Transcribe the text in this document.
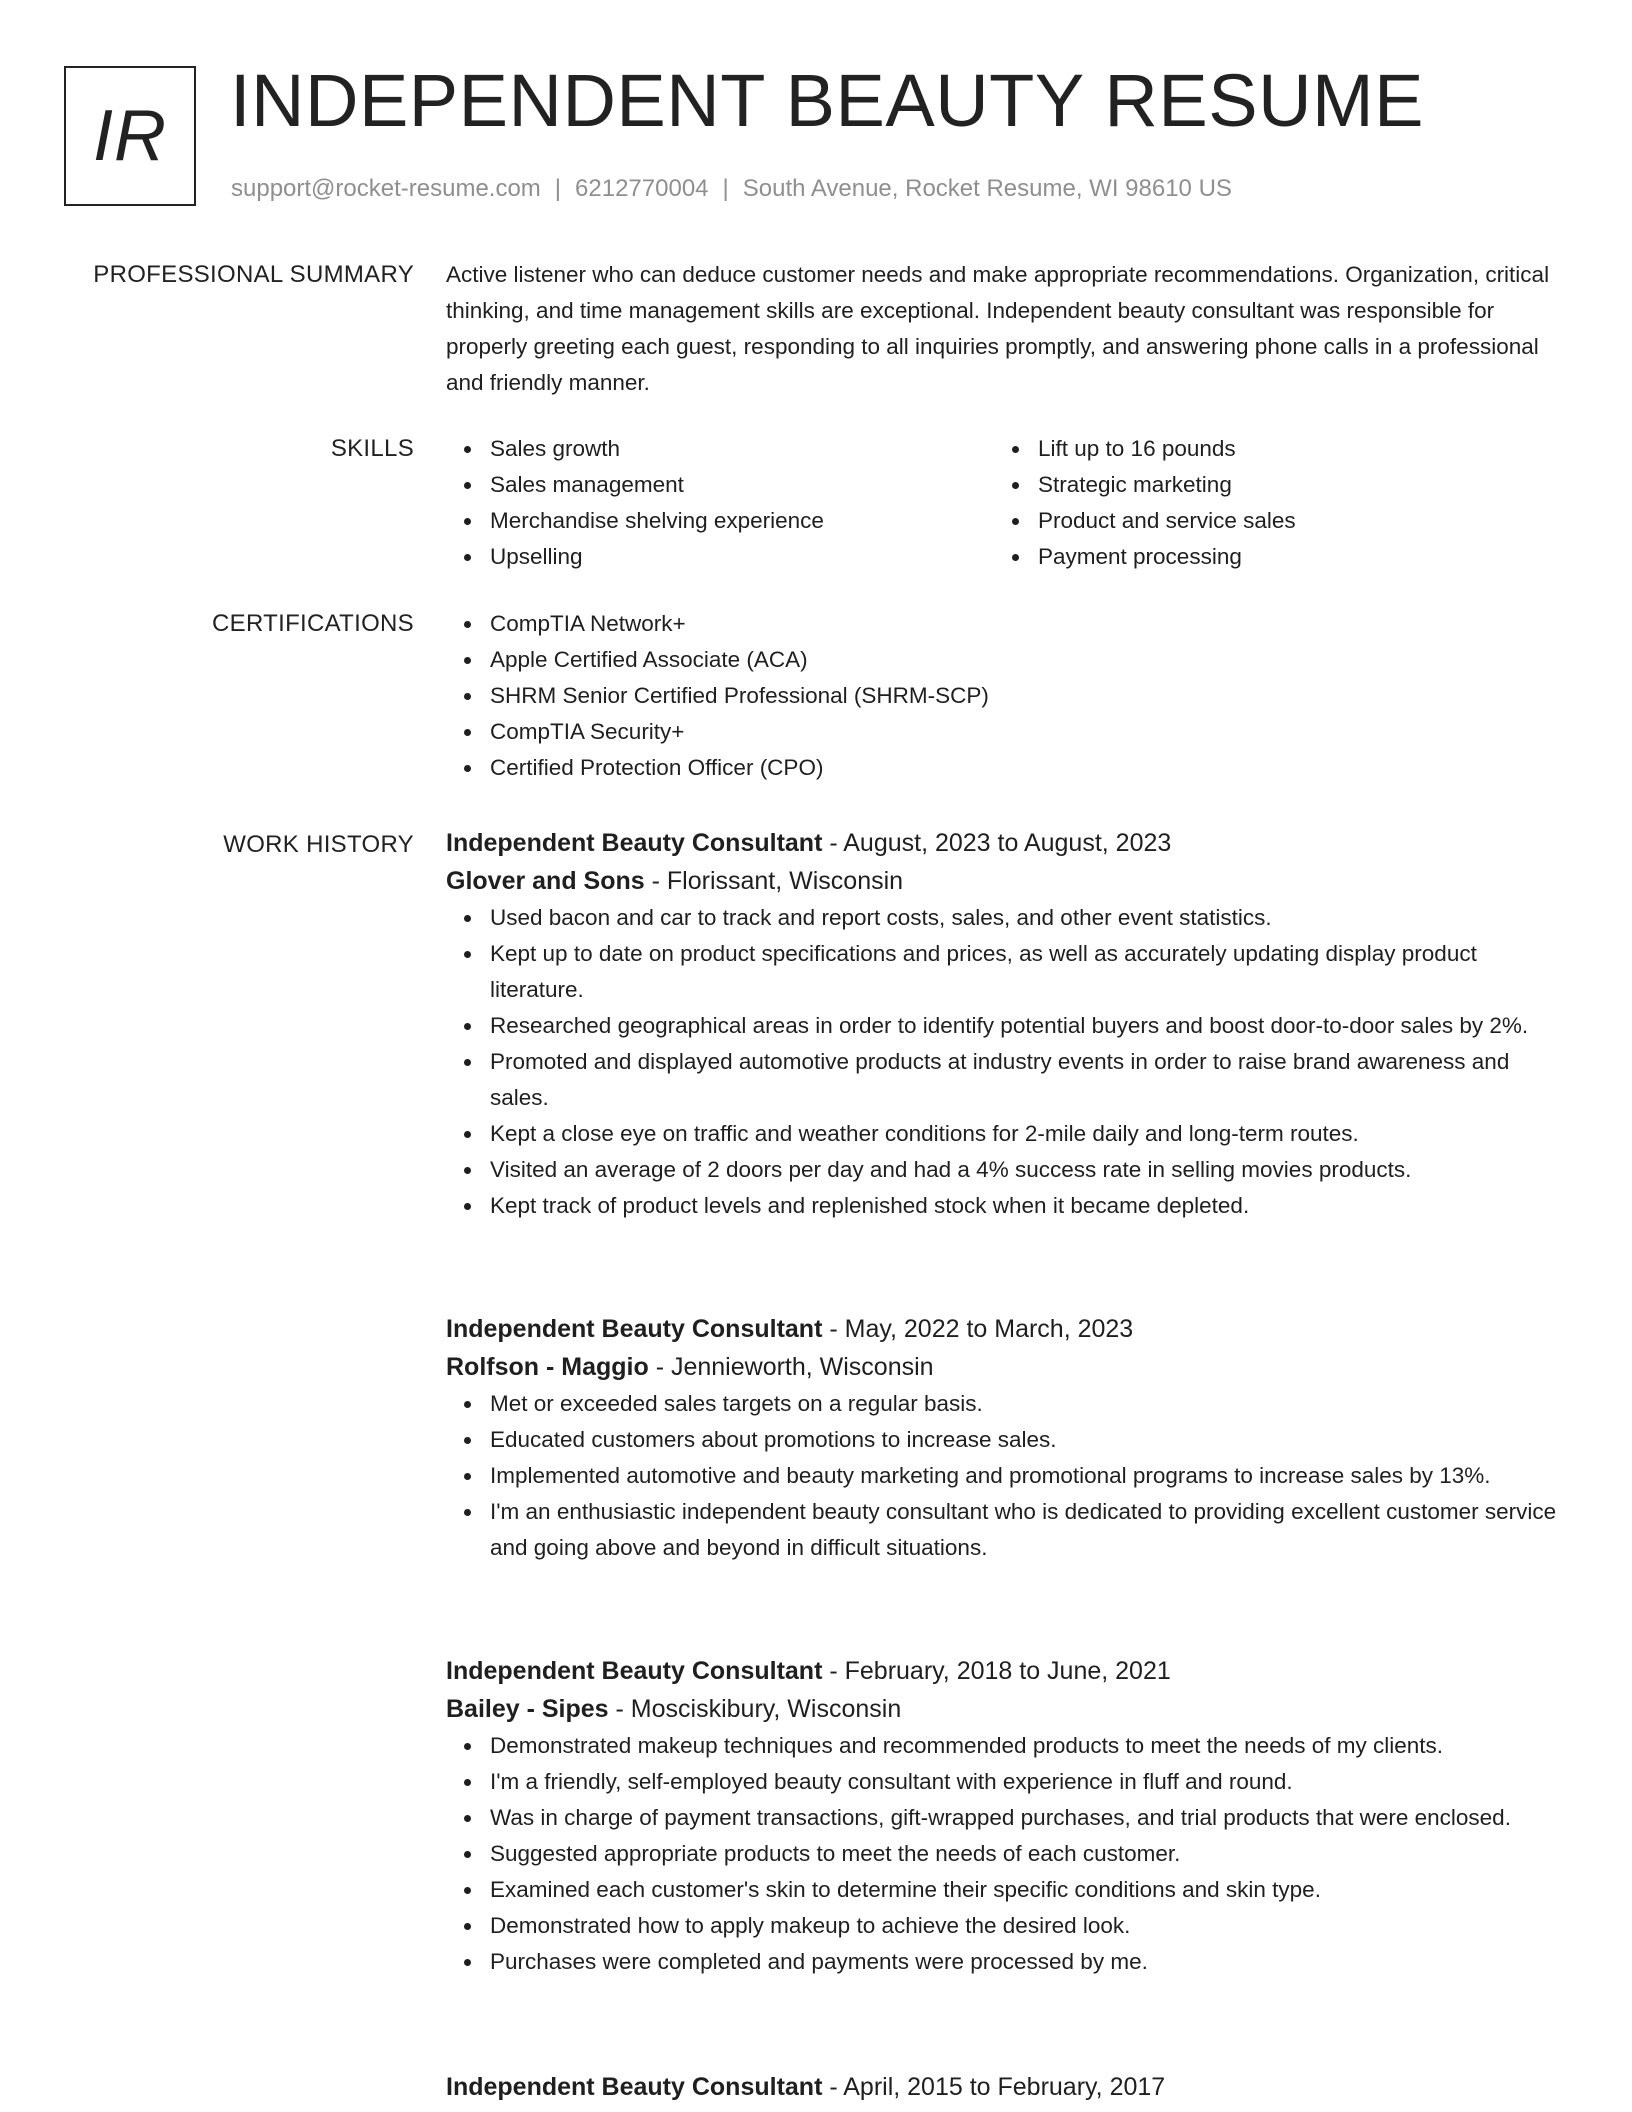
IR INDEPENDENT BEAUTY RESUME
support@rocket-resume.com | 6212770004 | South Avenue, Rocket Resume, WI 98610 US
PROFESSIONAL SUMMARY Active listener who can deduce customer needs and make appropriate recommendations. Organization, critical thinking, and time management skills are exceptional. Independent beauty consultant was responsible for properly greeting each guest, responding to all inquiries promptly, and answering phone calls in a professional and friendly manner.
SKILLS	Sales growth
Sales management
Merchandise shelving experience
Upselling
Lift up to 16 pounds
Strategic marketing
Product and service sales
Payment processing
CERTIFICATIONS	CompTIA Network+
Apple Certified Associate (ACA)
SHRM Senior Certified Professional (SHRM-SCP)
CompTIA Security+
Certified Protection Officer (CPO)
WORK HISTORY Independent Beauty Consultant - August, 2023 to August, 2023
Glover and Sons - Florissant, Wisconsin
Used bacon and car to track and report costs, sales, and other event statistics.
Kept up to date on product specifications and prices, as well as accurately updating display product literature.
Researched geographical areas in order to identify potential buyers and boost door-to-door sales by 2%.
Promoted and displayed automotive products at industry events in order to raise brand awareness and sales.
Kept a close eye on traffic and weather conditions for 2-mile daily and long-term routes.
Visited an average of 2 doors per day and had a 4% success rate in selling movies products.
Kept track of product levels and replenished stock when it became depleted.
Independent Beauty Consultant - May, 2022 to March, 2023
Rolfson - Maggio - Jennieworth, Wisconsin
Met or exceeded sales targets on a regular basis.
Educated customers about promotions to increase sales.
Implemented automotive and beauty marketing and promotional programs to increase sales by 13%.
I'm an enthusiastic independent beauty consultant who is dedicated to providing excellent customer service and going above and beyond in difficult situations.
Independent Beauty Consultant - February, 2018 to June, 2021
Bailey - Sipes - Mosciskibury, Wisconsin
Demonstrated makeup techniques and recommended products to meet the needs of my clients.
I'm a friendly, self-employed beauty consultant with experience in fluff and round.
Was in charge of payment transactions, gift-wrapped purchases, and trial products that were enclosed.
Suggested appropriate products to meet the needs of each customer.
Examined each customer's skin to determine their specific conditions and skin type.
Demonstrated how to apply makeup to achieve the desired look.
Purchases were completed and payments were processed by me.
Independent Beauty Consultant - April, 2015 to February, 2017
